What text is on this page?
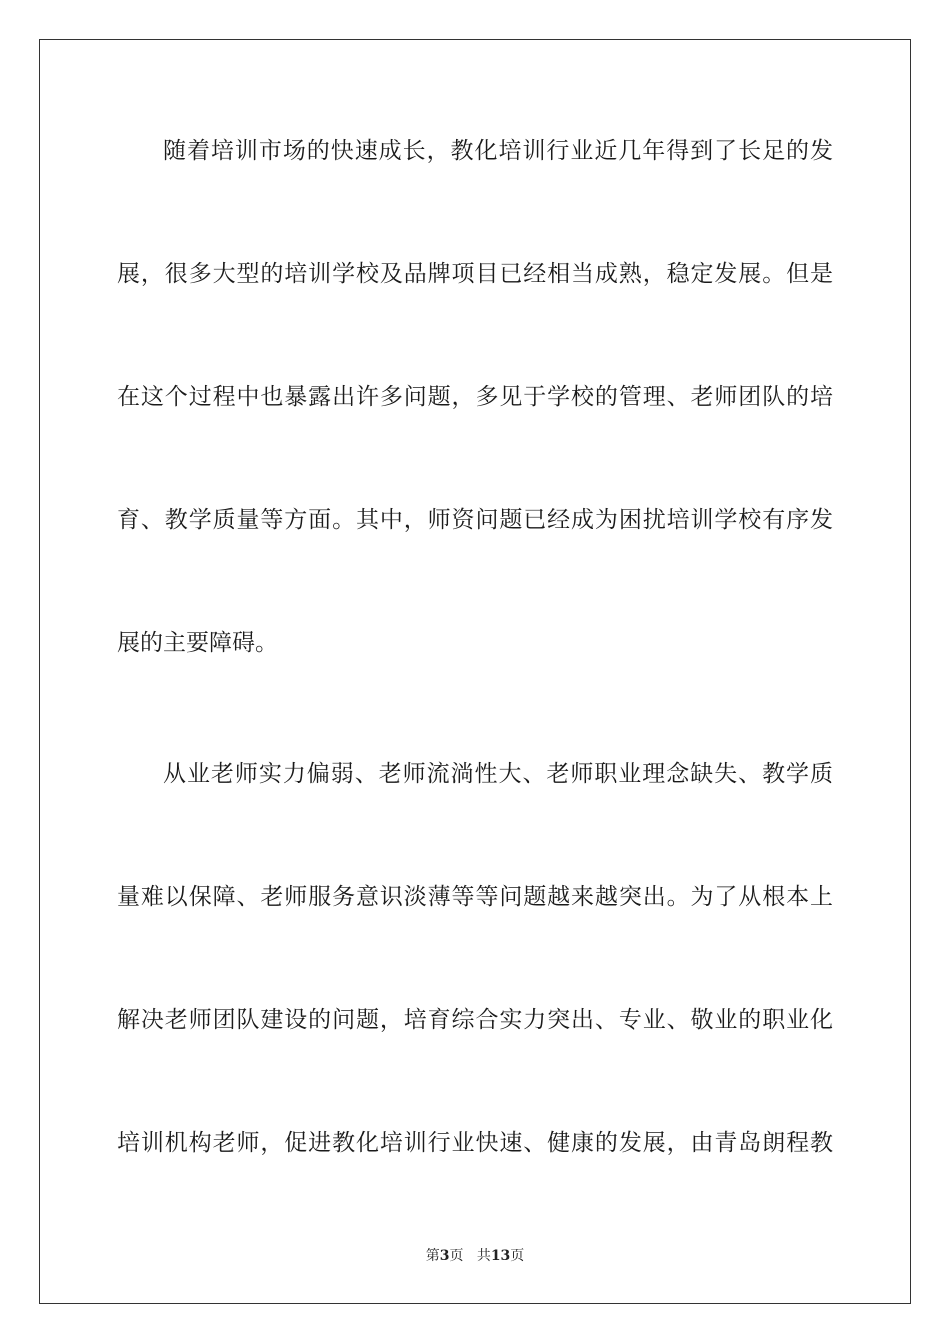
随着培训市场的快速成长，教化培训行业近几年得到了长足的发
展，很多大型的培训学校及品牌项目已经相当成熟，稳定发展。但是
在这个过程中也暴露出许多问题，多见于学校的管理、老师团队的培
育、教学质量等方面。其中，师资问题已经成为困扰培训学校有序发
展的主要障碍。
从业老师实力偏弱、老师流淌性大、老师职业理念缺失、教学质
量难以保障、老师服务意识淡薄等等问题越来越突出。为了从根本上
解决老师团队建设的问题，培育综合实力突出、专业、敬业的职业化
培训机构老师，促进教化培训行业快速、健康的发展，由青岛朗程教
第3页 共13页
